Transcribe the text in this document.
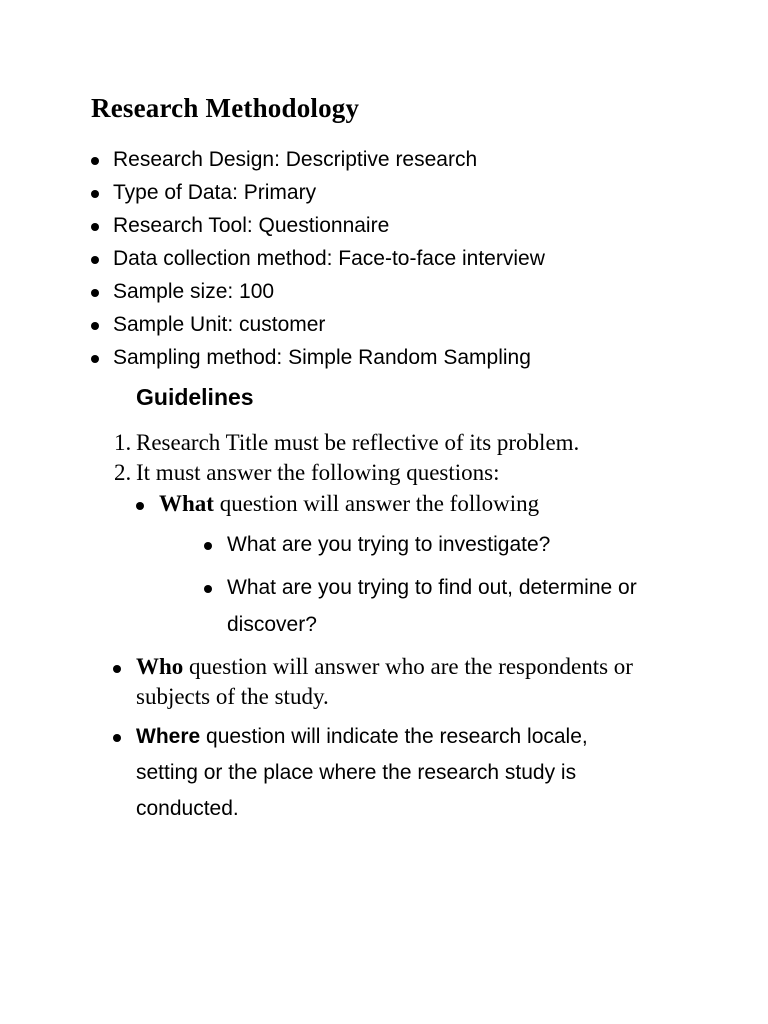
Research Methodology
Research Design: Descriptive research
Type of Data: Primary
Research Tool: Questionnaire
Data collection method: Face-to-face interview
Sample size: 100
Sample Unit: customer
Sampling method: Simple Random Sampling
Guidelines
1. Research Title must be reflective of its problem.
2. It must answer the following questions:
What question will answer the following
What are you trying to investigate?
What are you trying to find out, determine or
discover?
Who question will answer who are the respondents or
subjects of the study.
Where question will indicate the research locale,
setting or the place where the research study is
conducted.
